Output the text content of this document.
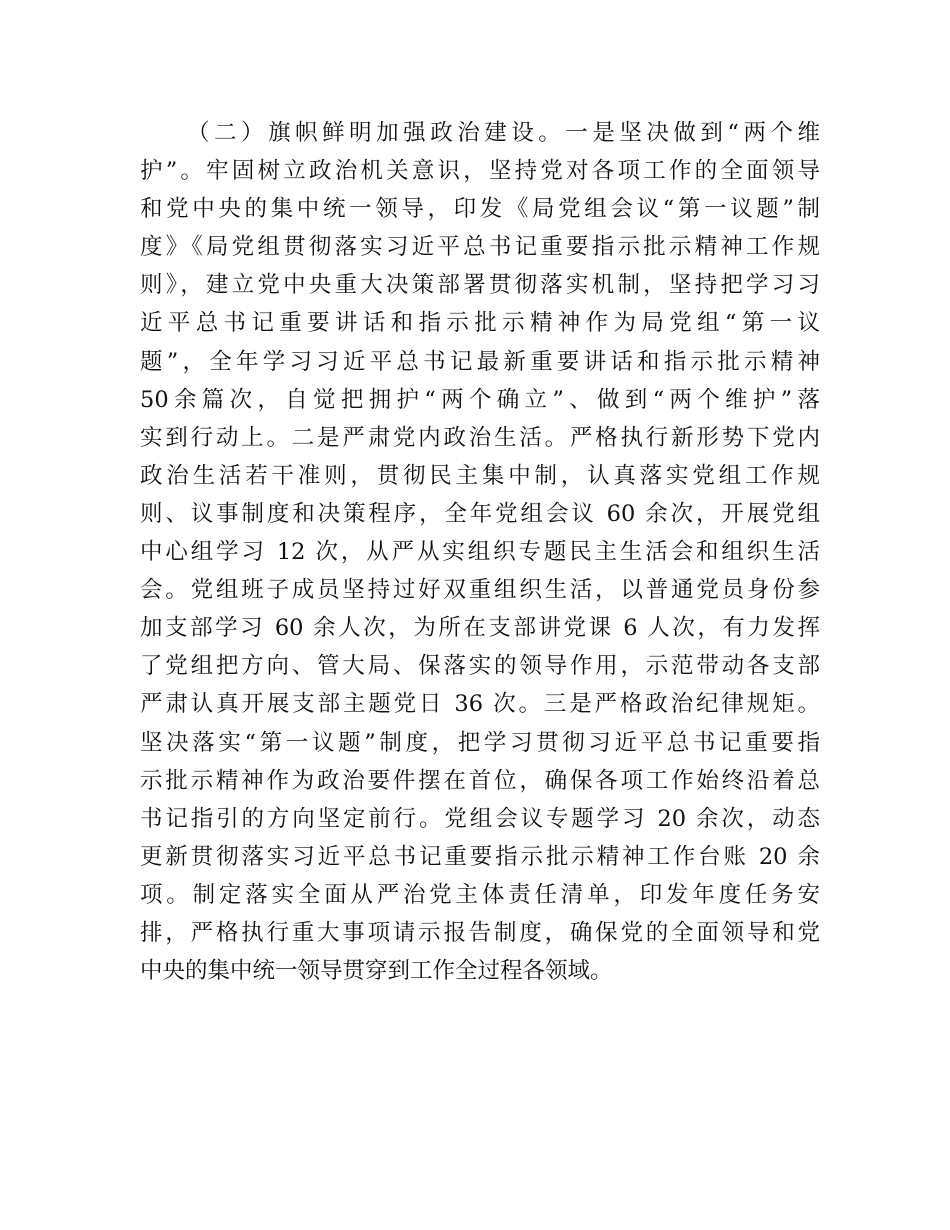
（二）旗帜鲜明加强政治建设。一是坚决做到“两个维
护”。牢固树立政治机关意识，坚持党对各项工作的全面领导
和党中央的集中统一领导，印发《局党组会议“第一议题”制
度》《局党组贯彻落实习近平总书记重要指示批示精神工作规
则》，建立党中央重大决策部署贯彻落实机制，坚持把学习习
近平总书记重要讲话和指示批示精神作为局党组“第一议
题”，全年学习习近平总书记最新重要讲话和指示批示精神
50余篇次，自觉把拥护“两个确立”、做到“两个维护”落
实到行动上。二是严肃党内政治生活。严格执行新形势下党内
政治生活若干准则，贯彻民主集中制，认真落实党组工作规
则、议事制度和决策程序，全年党组会议 60 余次，开展党组
中心组学习 12 次，从严从实组织专题民主生活会和组织生活
会。党组班子成员坚持过好双重组织生活，以普通党员身份参
加支部学习 60 余人次，为所在支部讲党课 6 人次，有力发挥
了党组把方向、管大局、保落实的领导作用，示范带动各支部
严肃认真开展支部主题党日 36 次。三是严格政治纪律规矩。
坚决落实“第一议题”制度，把学习贯彻习近平总书记重要指
示批示精神作为政治要件摆在首位，确保各项工作始终沿着总
书记指引的方向坚定前行。党组会议专题学习 20 余次，动态
更新贯彻落实习近平总书记重要指示批示精神工作台账 20 余
项。制定落实全面从严治党主体责任清单，印发年度任务安
排，严格执行重大事项请示报告制度，确保党的全面领导和党
中央的集中统一领导贯穿到工作全过程各领域。
